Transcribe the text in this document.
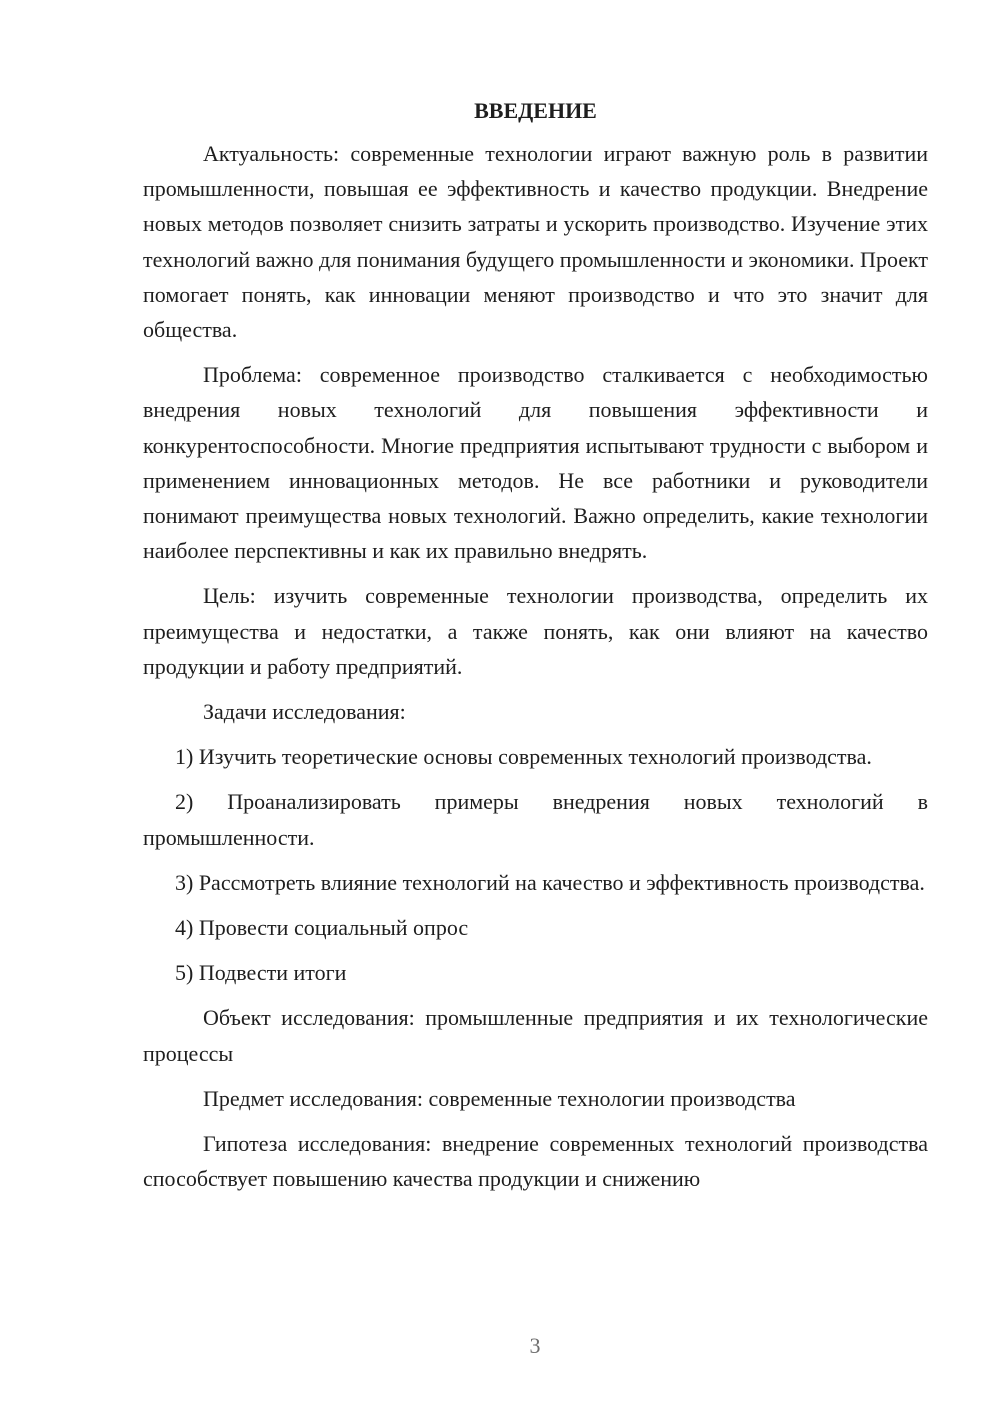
ВВЕДЕНИЕ

Актуальность: современные технологии играют важную роль в развитии промышленности, повышая ее эффективность и качество продукции. Внедрение новых методов позволяет снизить затраты и ускорить производство. Изучение этих технологий важно для понимания будущего промышленности и экономики. Проект помогает понять, как инновации меняют производство и что это значит для общества.

Проблема: современное производство сталкивается с необходимостью внедрения новых технологий для повышения эффективности и конкурентоспособности. Многие предприятия испытывают трудности с выбором и применением инновационных методов. Не все работники и руководители понимают преимущества новых технологий. Важно определить, какие технологии наиболее перспективны и как их правильно внедрять.

Цель: изучить современные технологии производства, определить их преимущества и недостатки, а также понять, как они влияют на качество продукции и работу предприятий.

Задачи исследования:

1) Изучить теоретические основы современных технологий производства.

2) Проанализировать примеры внедрения новых технологий в промышленности.

3) Рассмотреть влияние технологий на качество и эффективность производства.

4) Провести социальный опрос

5) Подвести итоги

Объект исследования: промышленные предприятия и их технологические процессы

Предмет исследования: современные технологии производства

Гипотеза исследования: внедрение современных технологий производства способствует повышению качества продукции и снижению

3
